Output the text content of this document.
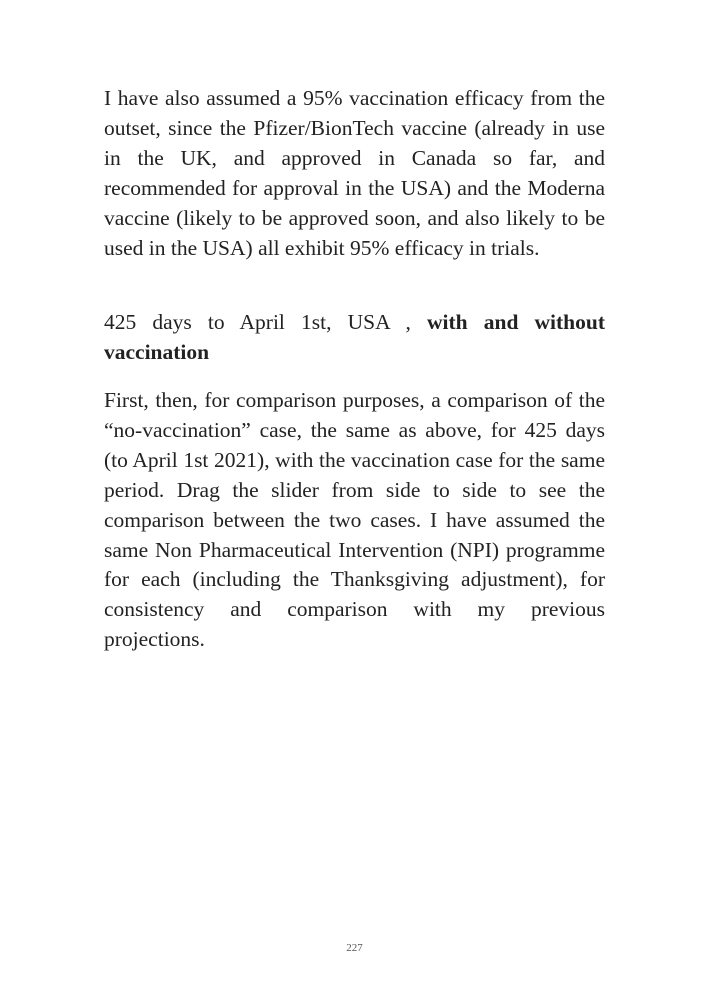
I have also assumed a 95% vaccination efficacy from the outset, since the Pfizer/BionTech vaccine (already in use in the UK, and approved in Canada so far, and recommended for approval in the USA) and the Moderna vaccine (likely to be approved soon, and also likely to be used in the USA) all exhibit 95% efficacy in trials.

425 days to April 1st, USA , with and without vaccination

First, then, for comparison purposes, a comparison of the “no-vaccination” case, the same as above, for 425 days (to April 1st 2021), with the vaccination case for the same period. Drag the slider from side to side to see the comparison between the two cases. I have assumed the same Non Pharmaceutical Intervention (NPI) programme for each (including the Thanksgiving adjustment), for consistency and comparison with my previous projections.

227
